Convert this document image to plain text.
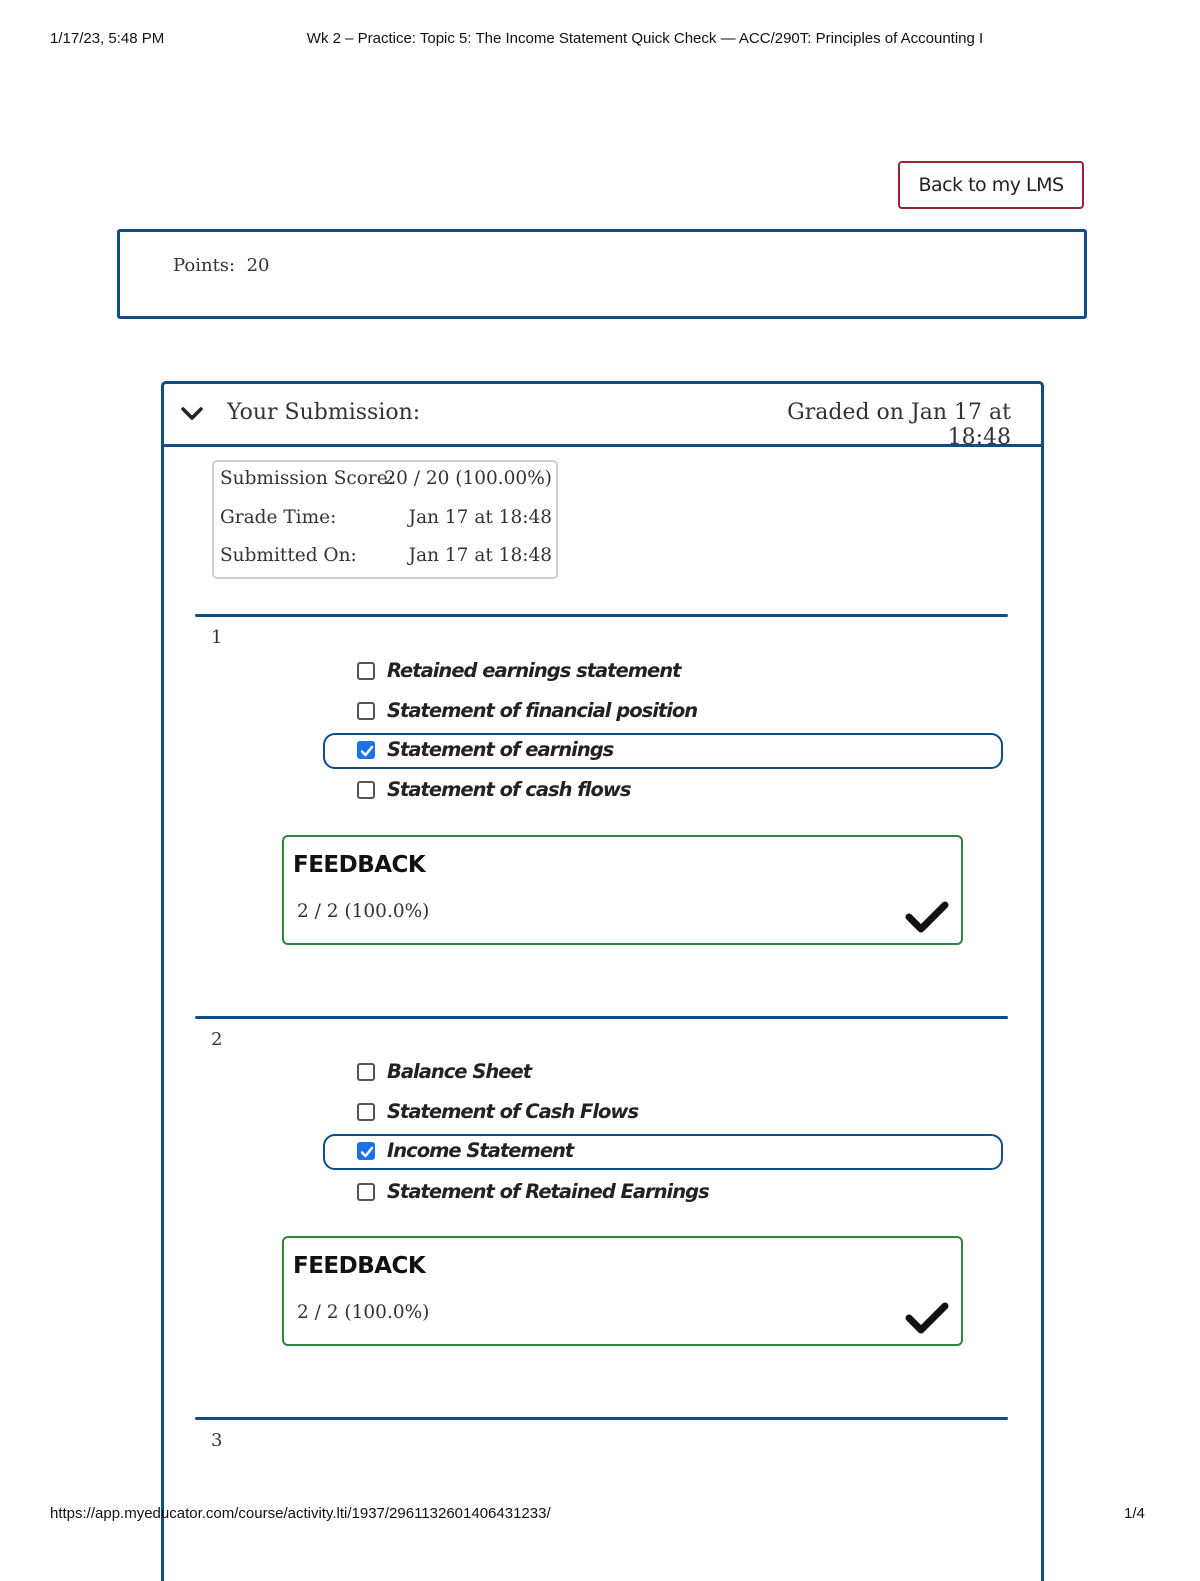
1/17/23, 5:48 PM	Wk 2 – Practice: Topic 5: The Income Statement Quick Check — ACC/290T: Principles of Accounting I
Back to my LMS
Points: 20
Your Submission:	Graded on Jan 17 at 18:48
Submission Score:
20 / 20 (100.00%)
Grade Time:	Jan 17 at 18:48
Submitted On:	Jan 17 at 18:48
1
Retained earnings statement
Statement of financial position
Statement of earnings
Statement of cash flows
FEEDBACK
2 / 2 (100.0%)
2
Balance Sheet
Statement of Cash Flows
Income Statement
Statement of Retained Earnings
FEEDBACK
2 / 2 (100.0%)
3
https://app.myeducator.com/course/activity.lti/1937/2961132601406431233/	1/4
